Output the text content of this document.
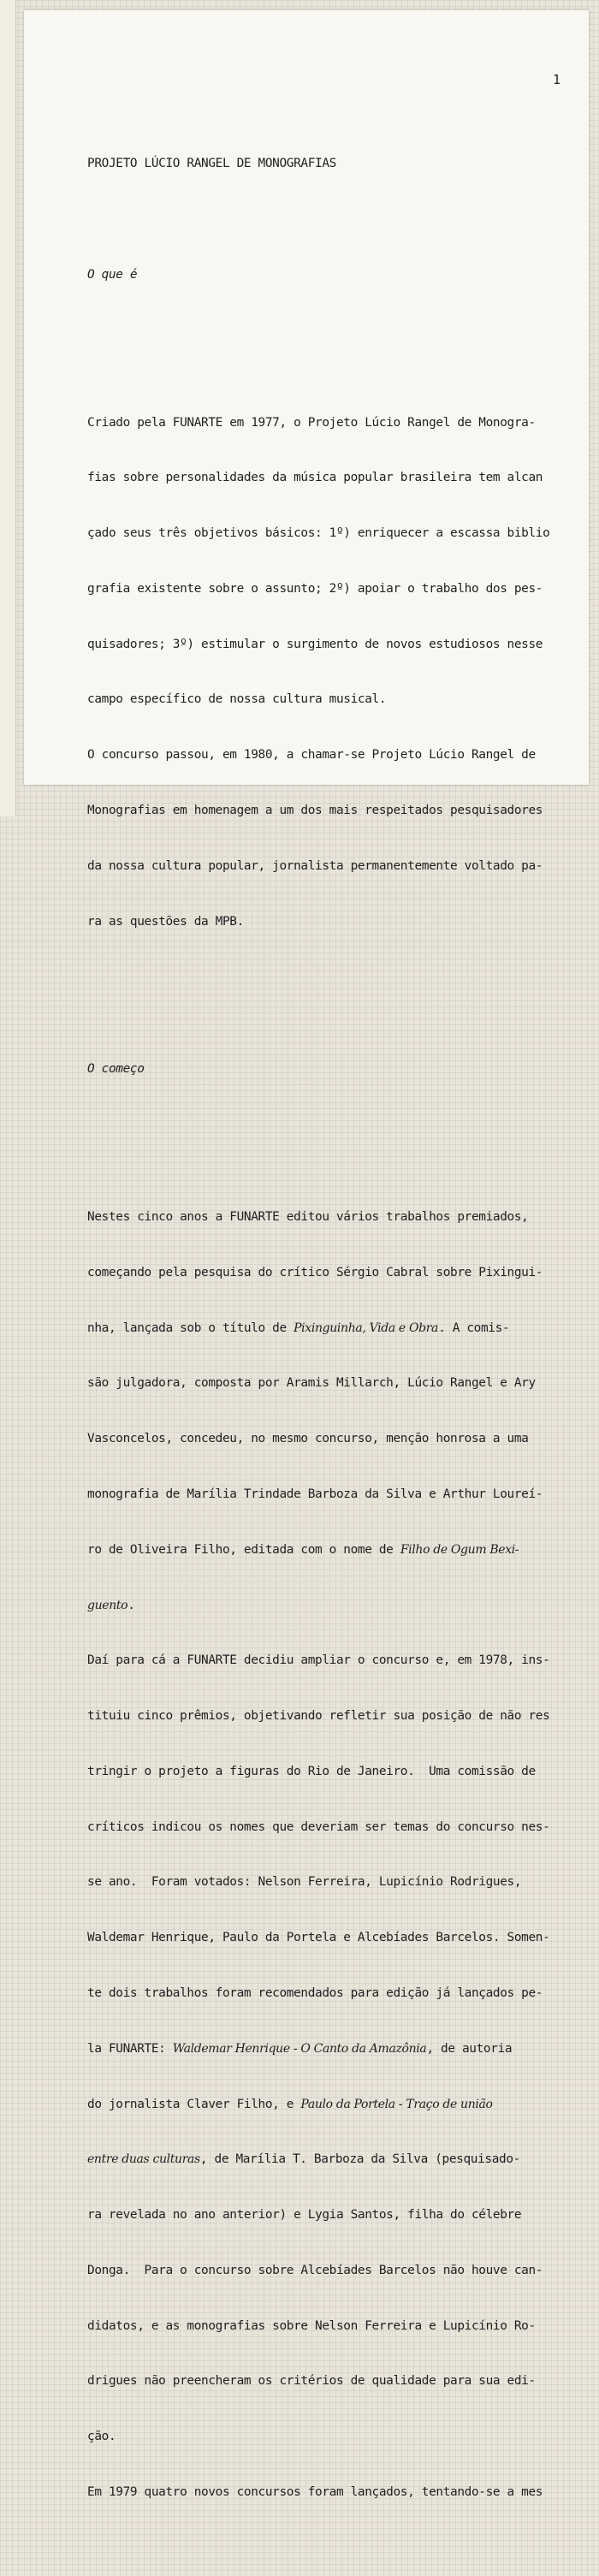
1

PROJETO LÚCIO RANGEL DE MONOGRAFIAS

O que é

Criado pela FUNARTE em 1977, o Projeto Lúcio Rangel de Monogra-

fias sobre personalidades da música popular brasileira tem alcan

çado seus três objetivos básicos: 1º) enriquecer a escassa biblio

grafia existente sobre o assunto; 2º) apoiar o trabalho dos pes-

quisadores; 3º) estimular o surgimento de novos estudiosos nesse

campo específico de nossa cultura musical.

O concurso passou, em 1980, a chamar-se Projeto Lúcio Rangel de

Monografias em homenagem a um dos mais respeitados pesquisadores

da nossa cultura popular, jornalista permanentemente voltado pa-

ra as questões da MPB.

O começo

Nestes cinco anos a FUNARTE editou vários trabalhos premiados,

começando pela pesquisa do crítico Sérgio Cabral sobre Pixingui-

nha, lançada sob o título de Pixinguinha, Vida e Obra. A comis-

são julgadora, composta por Aramis Millarch, Lúcio Rangel e Ary

Vasconcelos, concedeu, no mesmo concurso, menção honrosa a uma

monografia de Marília Trindade Barboza da Silva e Arthur Loureí-

ro de Oliveira Filho, editada com o nome de Filho de Ogum Bexi-

guento.

Daí para cá a FUNARTE decidiu ampliar o concurso e, em 1978, ins-

tituiu cinco prêmios, objetivando refletir sua posição de não res

tringir o projeto a figuras do Rio de Janeiro.  Uma comissão de

críticos indicou os nomes que deveriam ser temas do concurso nes-

se ano.  Foram votados: Nelson Ferreira, Lupicínio Rodrigues,

Waldemar Henrique, Paulo da Portela e Alcebíades Barcelos. Somen-

te dois trabalhos foram recomendados para edição já lançados pe-

la FUNARTE: Waldemar Henrique - O Canto da Amazônia, de autoria

do jornalista Claver Filho, e Paulo da Portela - Traço de união

entre duas culturas, de Marília T. Barboza da Silva (pesquisado-

ra revelada no ano anterior) e Lygia Santos, filha do célebre

Donga.  Para o concurso sobre Alcebíades Barcelos não houve can-

didatos, e as monografias sobre Nelson Ferreira e Lupicínio Ro-

drigues não preencheram os critérios de qualidade para sua edi-

ção.

Em 1979 quatro novos concursos foram lançados, tentando-se a mes
